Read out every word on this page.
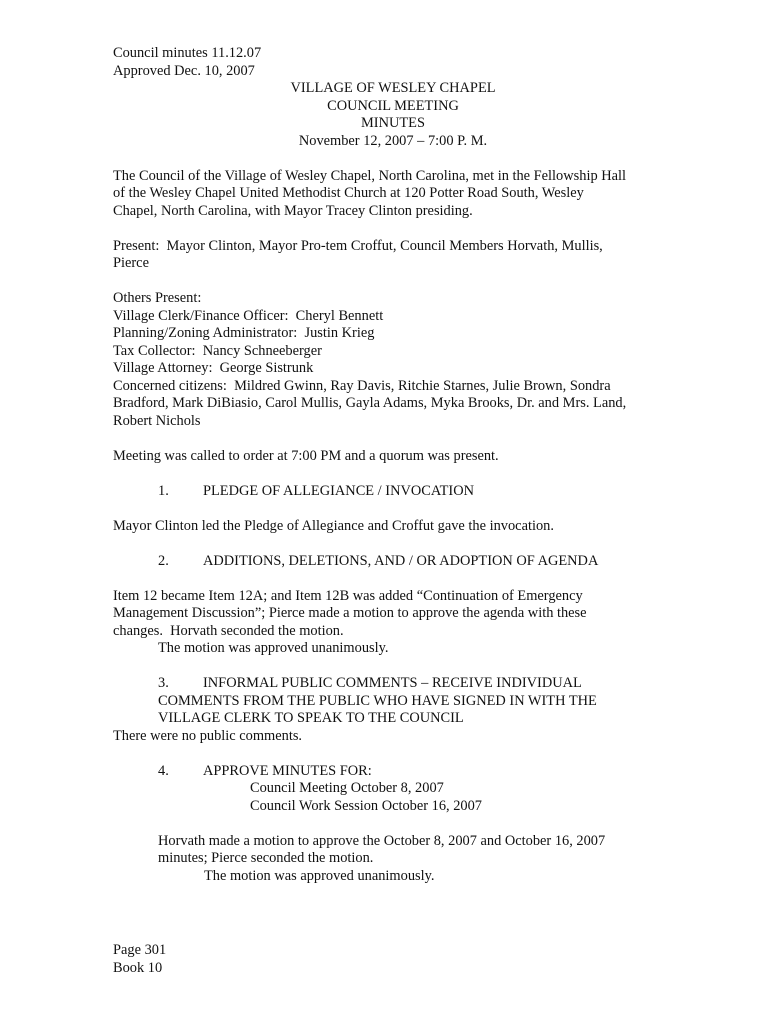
Council minutes 11.12.07
Approved Dec. 10, 2007
VILLAGE OF WESLEY CHAPEL
COUNCIL MEETING
MINUTES
November 12, 2007 – 7:00 P. M.
The Council of the Village of Wesley Chapel, North Carolina, met in the Fellowship Hall
of the Wesley Chapel United Methodist Church at 120 Potter Road South, Wesley
Chapel, North Carolina, with Mayor Tracey Clinton presiding.
Present:  Mayor Clinton, Mayor Pro-tem Croffut, Council Members Horvath, Mullis,
Pierce
Others Present:
Village Clerk/Finance Officer:  Cheryl Bennett
Planning/Zoning Administrator:  Justin Krieg
Tax Collector:  Nancy Schneeberger
Village Attorney:  George Sistrunk
Concerned citizens:  Mildred Gwinn, Ray Davis, Ritchie Starnes, Julie Brown, Sondra
Bradford, Mark DiBiasio, Carol Mullis, Gayla Adams, Myka Brooks, Dr. and Mrs. Land,
Robert Nichols
Meeting was called to order at 7:00 PM and a quorum was present.
1. PLEDGE OF ALLEGIANCE / INVOCATION
Mayor Clinton led the Pledge of Allegiance and Croffut gave the invocation.
2. ADDITIONS, DELETIONS, AND / OR ADOPTION OF AGENDA
Item 12 became Item 12A; and Item 12B was added “Continuation of Emergency
Management Discussion”; Pierce made a motion to approve the agenda with these
changes.  Horvath seconded the motion.
The motion was approved unanimously.
3. INFORMAL PUBLIC COMMENTS – RECEIVE INDIVIDUAL
COMMENTS FROM THE PUBLIC WHO HAVE SIGNED IN WITH THE
VILLAGE CLERK TO SPEAK TO THE COUNCIL
There were no public comments.
4. APPROVE MINUTES FOR:
Council Meeting October 8, 2007
Council Work Session October 16, 2007
Horvath made a motion to approve the October 8, 2007 and October 16, 2007
minutes; Pierce seconded the motion.
The motion was approved unanimously.
Page 301
Book 10
